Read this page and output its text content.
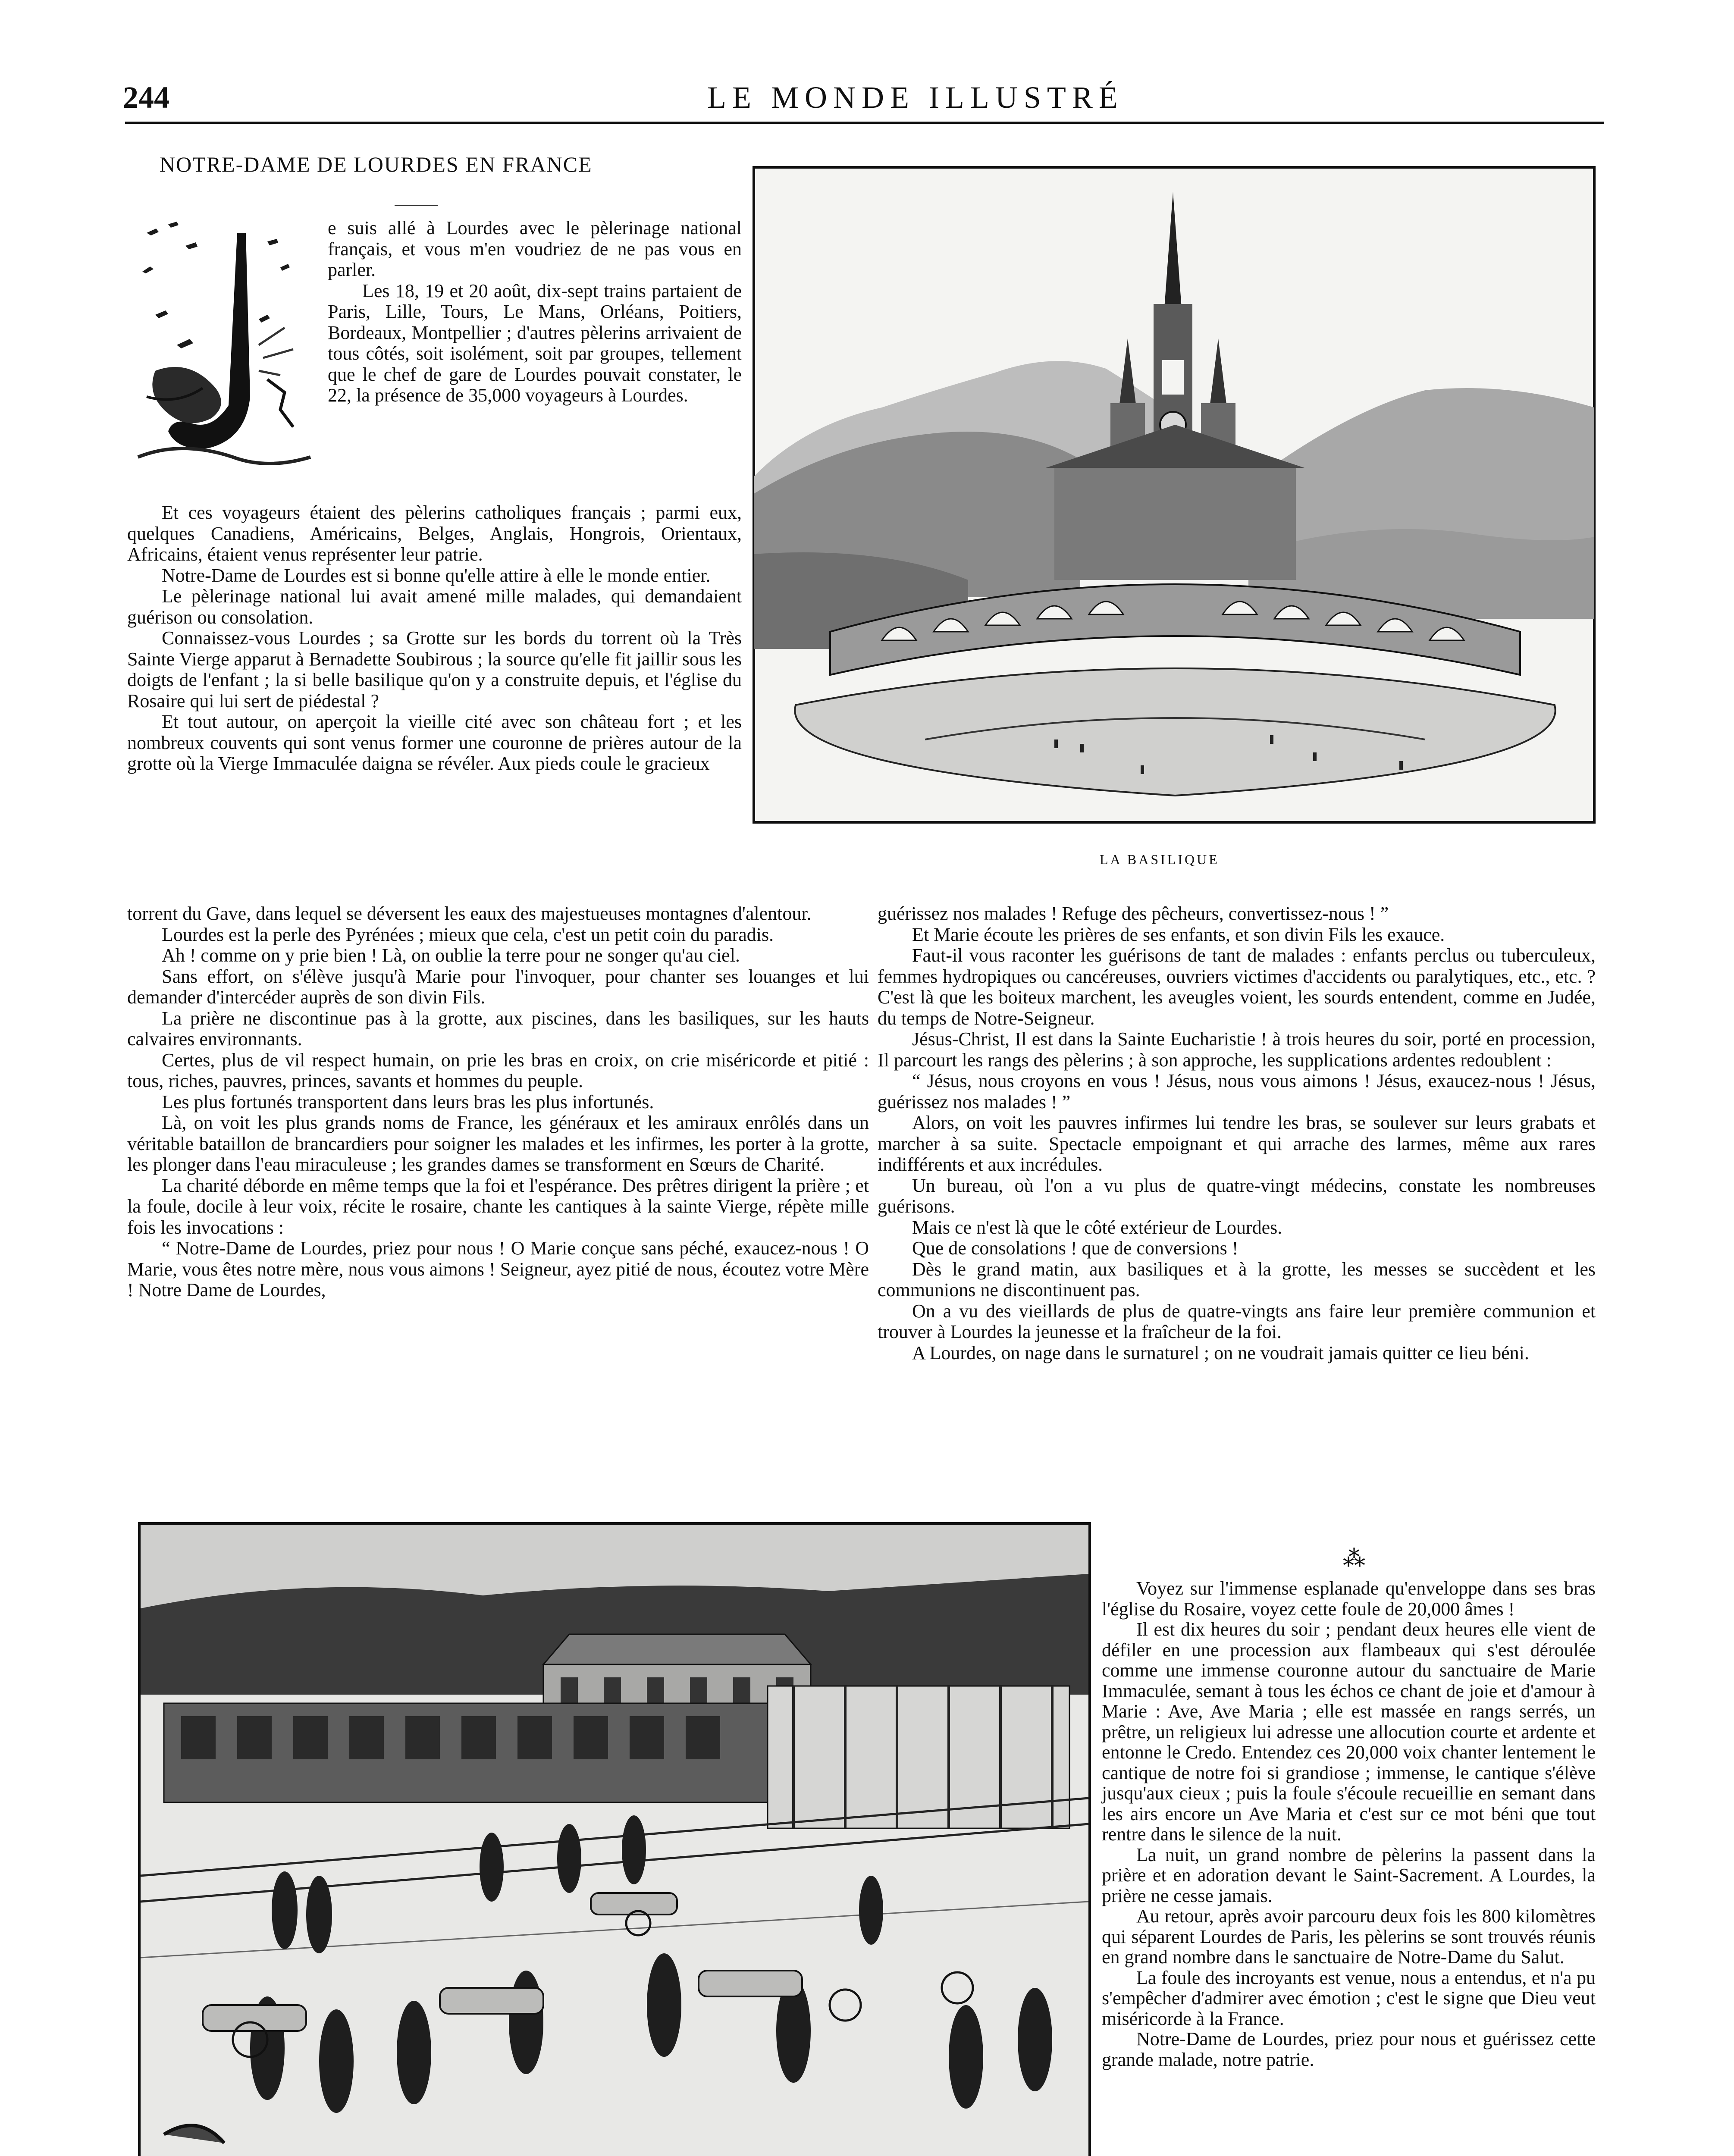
244	LE MONDE ILLUSTRÉ
NOTRE-DAME DE LOURDES EN FRANCE

e suis allé à Lourdes avec le pèlerinage national français, et vous m'en voudriez de ne pas vous en parler.

Les 18, 19 et 20 août, dix-sept trains partaient de Paris, Lille, Tours, Le Mans, Orléans, Poitiers, Bordeaux, Montpellier ; d'autres pèlerins arrivaient de tous côtés, soit isolément, soit par groupes, tellement que le chef de gare de Lourdes pouvait constater, le 22, la présence de 35,000 voyageurs à Lourdes.

Et ces voyageurs étaient des pèlerins catholiques français ; parmi eux, quelques Canadiens, Américains, Belges, Anglais, Hongrois, Orientaux, Africains, étaient venus représenter leur patrie.

Notre-Dame de Lourdes est si bonne qu'elle attire à elle le monde entier.

Le pèlerinage national lui avait amené mille malades, qui demandaient guérison ou consolation.

Connaissez-vous Lourdes ; sa Grotte sur les bords du torrent où la Très Sainte Vierge apparut à Bernadette Soubirous ; la source qu'elle fit jaillir sous les doigts de l'enfant ; la si belle basilique qu'on y a construite depuis, et l'église du Rosaire qui lui sert de piédestal ?

Et tout autour, on aperçoit la vieille cité avec son château fort ; et les nombreux couvents qui sont venus former une couronne de prières autour de la grotte où la Vierge Immaculée daigna se révéler. Aux pieds coule le gracieux

torrent du Gave, dans lequel se déversent les eaux des majestueuses montagnes d'alentour.

Lourdes est la perle des Pyrénées ; mieux que cela, c'est un petit coin du paradis.

Ah ! comme on y prie bien ! Là, on oublie la terre pour ne songer qu'au ciel.

Sans effort, on s'élève jusqu'à Marie pour l'invoquer, pour chanter ses louanges et lui demander d'intercéder auprès de son divin Fils.

La prière ne discontinue pas à la grotte, aux piscines, dans les basiliques, sur les hauts calvaires environnants.

Certes, plus de vil respect humain, on prie les bras en croix, on crie miséricorde et pitié : tous, riches, pauvres, princes, savants et hommes du peuple.

Les plus fortunés transportent dans leurs bras les plus infortunés.

Là, on voit les plus grands noms de France, les généraux et les amiraux enrôlés dans un véritable bataillon de brancardiers pour soigner les malades et les infirmes, les porter à la grotte, les plonger dans l'eau miraculeuse ; les grandes dames se transforment en Sœurs de Charité.

La charité déborde en même temps que la foi et l'espérance. Des prêtres dirigent la prière ; et la foule, docile à leur voix, récite le rosaire, chante les cantiques à la sainte Vierge, répète mille fois les invocations :

“ Notre-Dame de Lourdes, priez pour nous ! O Marie conçue sans péché, exaucez-nous ! O Marie, vous êtes notre mère, nous vous aimons ! Seigneur, ayez pitié de nous, écoutez votre Mère ! Notre Dame de Lourdes,

LA BASILIQUE

guérissez nos malades ! Refuge des pêcheurs, convertissez-nous ! ”

Et Marie écoute les prières de ses enfants, et son divin Fils les exauce.

Faut-il vous raconter les guérisons de tant de malades : enfants perclus ou tuberculeux, femmes hydropiques ou cancéreuses, ouvriers victimes d'accidents ou paralytiques, etc., etc. ? C'est là que les boiteux marchent, les aveugles voient, les sourds entendent, comme en Judée, du temps de Notre-Seigneur.

Jésus-Christ, Il est dans la Sainte Eucharistie ! à trois heures du soir, porté en procession, Il parcourt les rangs des pèlerins ; à son approche, les supplications ardentes redoublent :

“ Jésus, nous croyons en vous ! Jésus, nous vous aimons ! Jésus, exaucez-nous ! Jésus, guérissez nos malades ! ”

Alors, on voit les pauvres infirmes lui tendre les bras, se soulever sur leurs grabats et marcher à sa suite. Spectacle empoignant et qui arrache des larmes, même aux rares indifférents et aux incrédules.

Un bureau, où l'on a vu plus de quatre-vingt médecins, constate les nombreuses guérisons.

Mais ce n'est là que le côté extérieur de Lourdes.

Que de consolations ! que de conversions !

Dès le grand matin, aux basiliques et à la grotte, les messes se succèdent et les communions ne discontinuent pas.

On a vu des vieillards de plus de quatre-vingts ans faire leur première communion et trouver à Lourdes la jeunesse et la fraîcheur de la foi.

A Lourdes, on nage dans le surnaturel ; on ne voudrait jamais quitter ce lieu béni.

⁂

Voyez sur l'immense esplanade qu'enveloppe dans ses bras l'église du Rosaire, voyez cette foule de 20,000 âmes !

Il est dix heures du soir ; pendant deux heures elle vient de défiler en une procession aux flambeaux qui s'est déroulée comme une immense couronne autour du sanctuaire de Marie Immaculée, semant à tous les échos ce chant de joie et d'amour à Marie : Ave, Ave Maria ; elle est massée en rangs serrés, un prêtre, un religieux lui adresse une allocution courte et ardente et entonne le Credo. Entendez ces 20,000 voix chanter lentement le cantique de notre foi si grandiose ; immense, le cantique s'élève jusqu'aux cieux ; puis la foule s'écoule recueillie en semant dans les airs encore un Ave Maria et c'est sur ce mot béni que tout rentre dans le silence de la nuit.

La nuit, un grand nombre de pèlerins la passent dans la prière et en adoration devant le Saint-Sacrement. A Lourdes, la prière ne cesse jamais.

Au retour, après avoir parcouru deux fois les 800 kilomètres qui séparent Lourdes de Paris, les pèlerins se sont trouvés réunis en grand nombre dans le sanctuaire de Notre-Dame du Salut.

La foule des incroyants est venue, nous a entendus, et n'a pu s'empêcher d'admirer avec émotion ; c'est le signe que Dieu veut miséricorde à la France.

Notre-Dame de Lourdes, priez pour nous et guérissez cette grande malade, notre patrie.
